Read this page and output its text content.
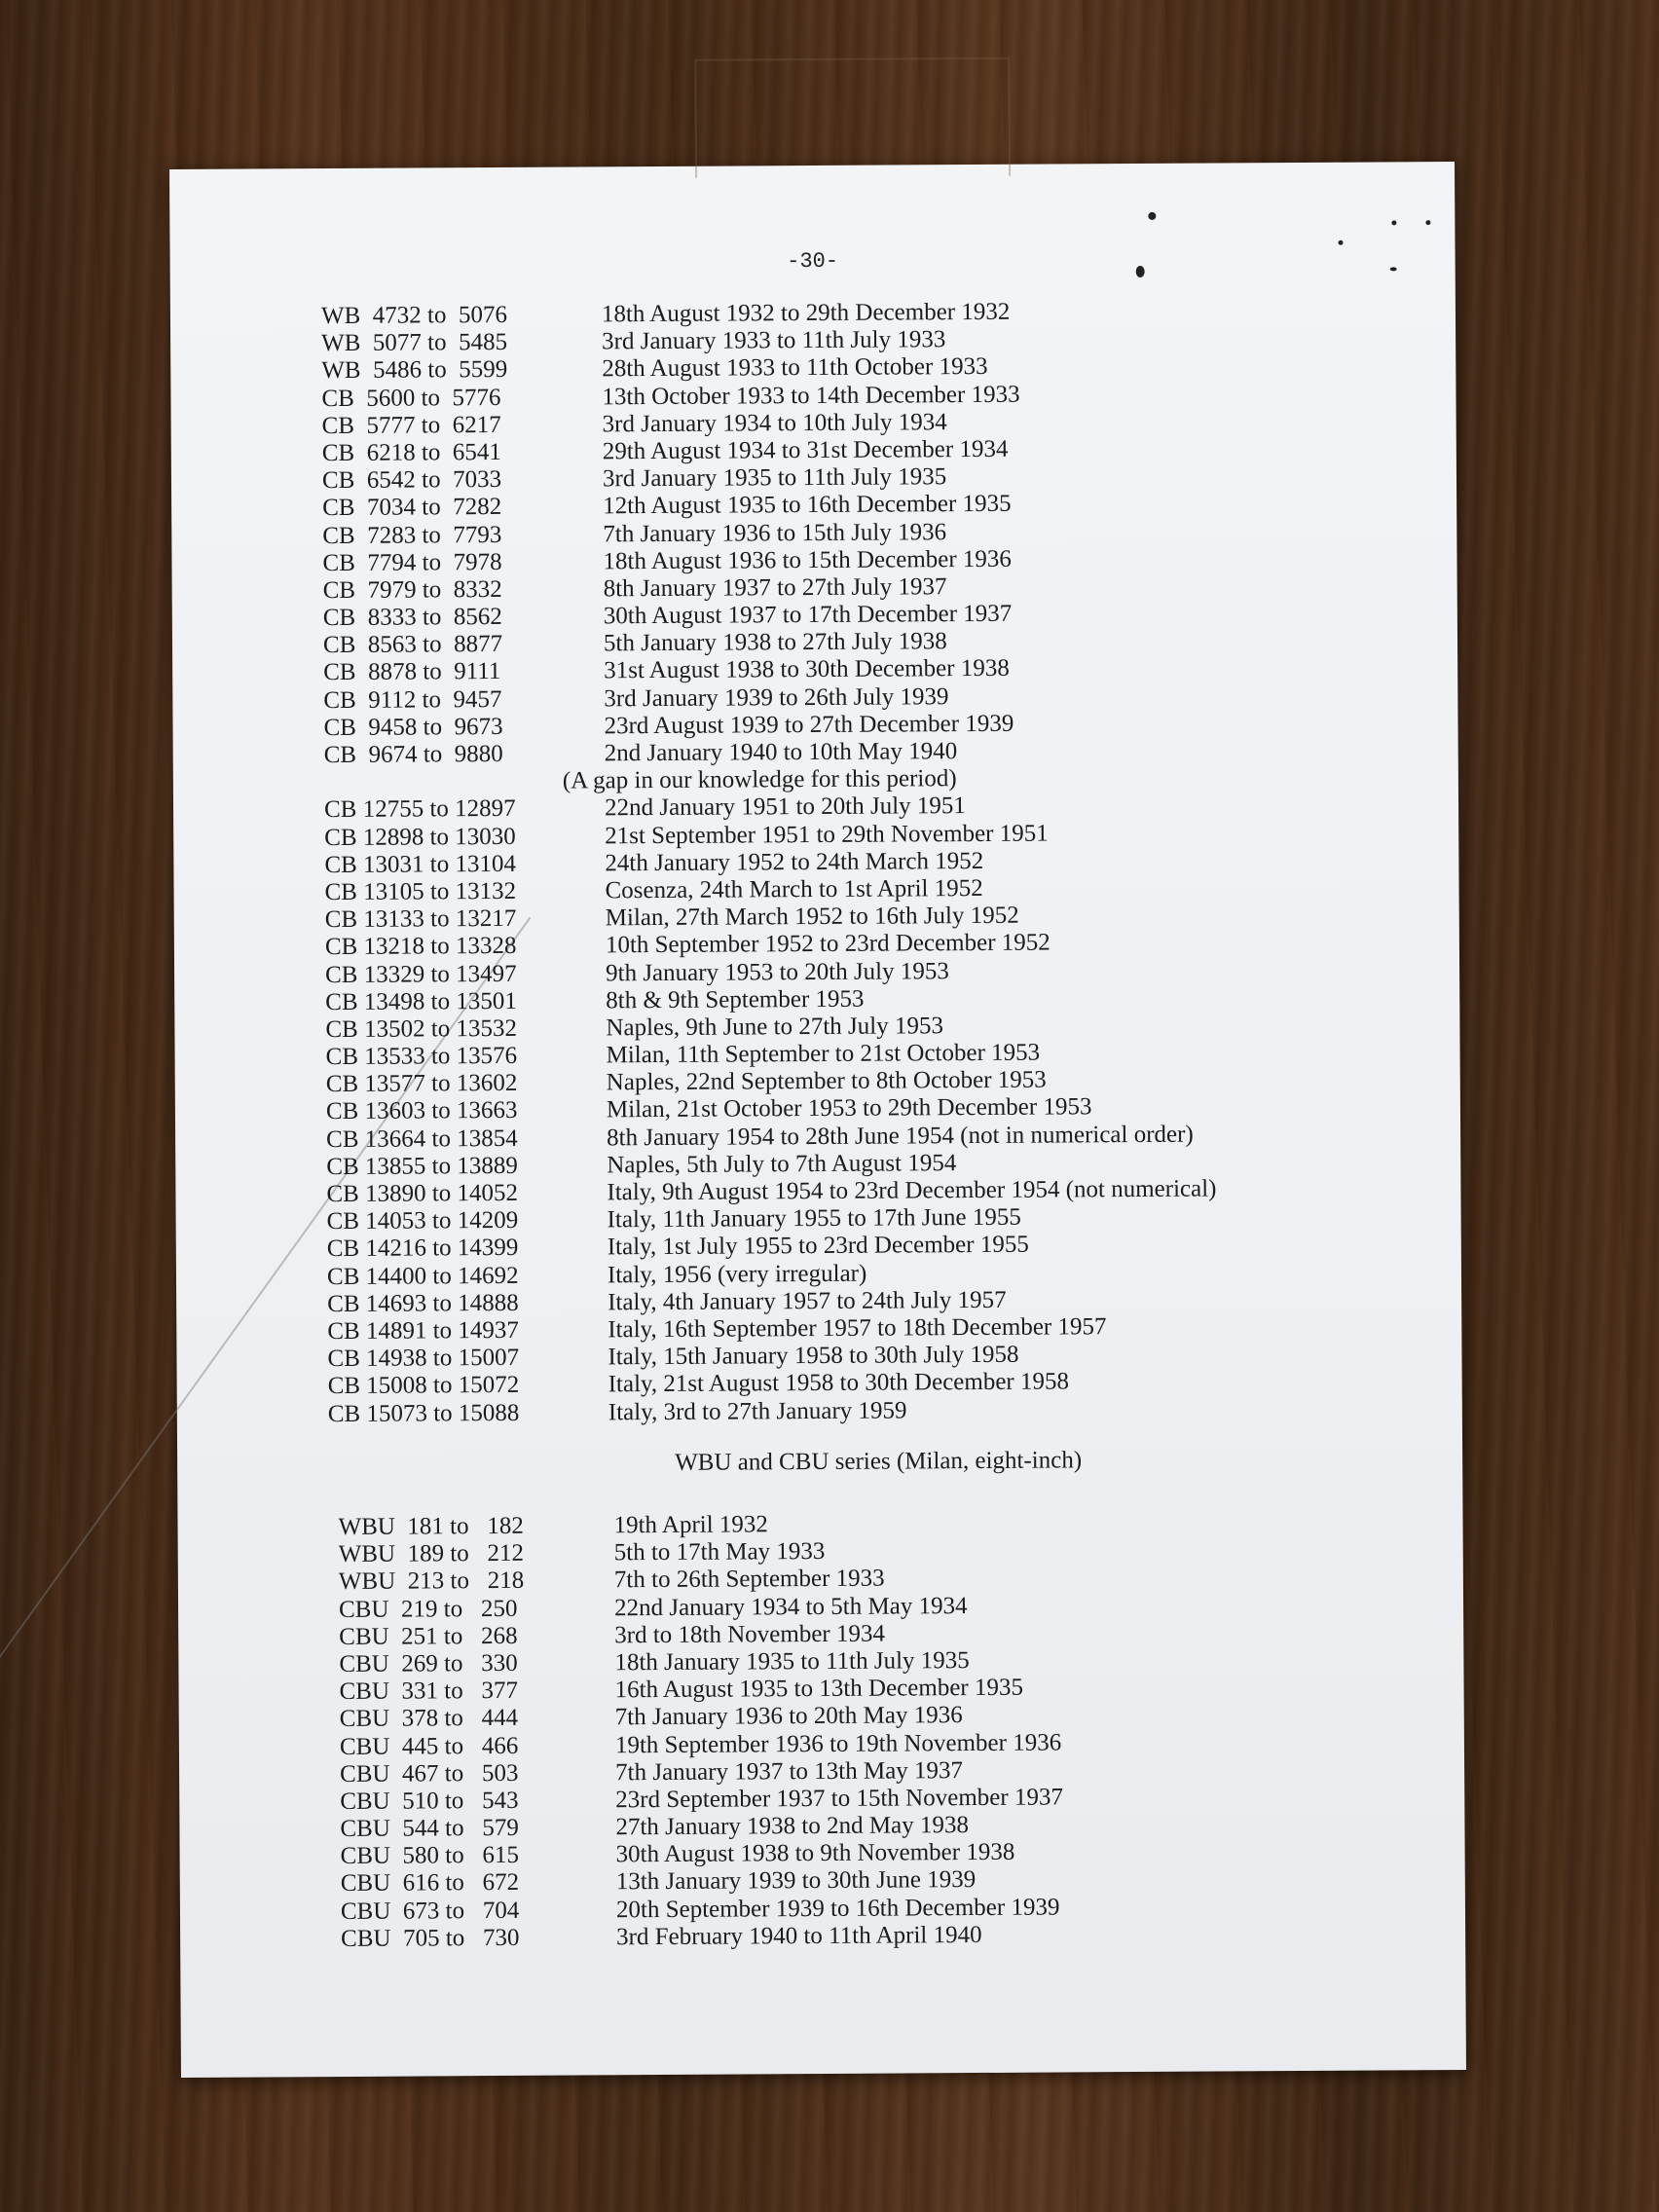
-30-
WB  4732 to  5076	18th August 1932 to 29th December 1932
WB  5077 to  5485	3rd January 1933 to 11th July 1933
WB  5486 to  5599	28th August 1933 to 11th October 1933
CB  5600 to  5776	13th October 1933 to 14th December 1933
CB  5777 to  6217	3rd January 1934 to 10th July 1934
CB  6218 to  6541	29th August 1934 to 31st December 1934
CB  6542 to  7033	3rd January 1935 to 11th July 1935
CB  7034 to  7282	12th August 1935 to 16th December 1935
CB  7283 to  7793	7th January 1936 to 15th July 1936
CB  7794 to  7978	18th August 1936 to 15th December 1936
CB  7979 to  8332	8th January 1937 to 27th July 1937
CB  8333 to  8562	30th August 1937 to 17th December 1937
CB  8563 to  8877	5th January 1938 to 27th July 1938
CB  8878 to  9111	31st August 1938 to 30th December 1938
CB  9112 to  9457	3rd January 1939 to 26th July 1939
CB  9458 to  9673	23rd August 1939 to 27th December 1939
CB  9674 to  9880	2nd January 1940 to 10th May 1940
(A gap in our knowledge for this period)
CB 12755 to 12897	22nd January 1951 to 20th July 1951
CB 12898 to 13030	21st September 1951 to 29th November 1951
CB 13031 to 13104	24th January 1952 to 24th March 1952
CB 13105 to 13132	Cosenza, 24th March to 1st April 1952
CB 13133 to 13217	Milan, 27th March 1952 to 16th July 1952
CB 13218 to 13328	10th September 1952 to 23rd December 1952
CB 13329 to 13497	9th January 1953 to 20th July 1953
CB 13498 to 13501	8th & 9th September 1953
CB 13502 to 13532	Naples, 9th June to 27th July 1953
CB 13533 to 13576	Milan, 11th September to 21st October 1953
CB 13577 to 13602	Naples, 22nd September to 8th October 1953
CB 13603 to 13663	Milan, 21st October 1953 to 29th December 1953
CB 13664 to 13854	8th January 1954 to 28th June 1954 (not in numerical order)
CB 13855 to 13889	Naples, 5th July to 7th August 1954
CB 13890 to 14052	Italy, 9th August 1954 to 23rd December 1954 (not numerical)
CB 14053 to 14209	Italy, 11th January 1955 to 17th June 1955
CB 14216 to 14399	Italy, 1st July 1955 to 23rd December 1955
CB 14400 to 14692	Italy, 1956 (very irregular)
CB 14693 to 14888	Italy, 4th January 1957 to 24th July 1957
CB 14891 to 14937	Italy, 16th September 1957 to 18th December 1957
CB 14938 to 15007	Italy, 15th January 1958 to 30th July 1958
CB 15008 to 15072	Italy, 21st August 1958 to 30th December 1958
CB 15073 to 15088	Italy, 3rd to 27th January 1959
WBU and CBU series (Milan, eight-inch)
WBU  181 to   182	19th April 1932
WBU  189 to   212	5th to 17th May 1933
WBU  213 to   218	7th to 26th September 1933
CBU  219 to   250	22nd January 1934 to 5th May 1934
CBU  251 to   268	3rd to 18th November 1934
CBU  269 to   330	18th January 1935 to 11th July 1935
CBU  331 to   377	16th August 1935 to 13th December 1935
CBU  378 to   444	7th January 1936 to 20th May 1936
CBU  445 to   466	19th September 1936 to 19th November 1936
CBU  467 to   503	7th January 1937 to 13th May 1937
CBU  510 to   543	23rd September 1937 to 15th November 1937
CBU  544 to   579	27th January 1938 to 2nd May 1938
CBU  580 to   615	30th August 1938 to 9th November 1938
CBU  616 to   672	13th January 1939 to 30th June 1939
CBU  673 to   704	20th September 1939 to 16th December 1939
CBU  705 to   730	3rd February 1940 to 11th April 1940
